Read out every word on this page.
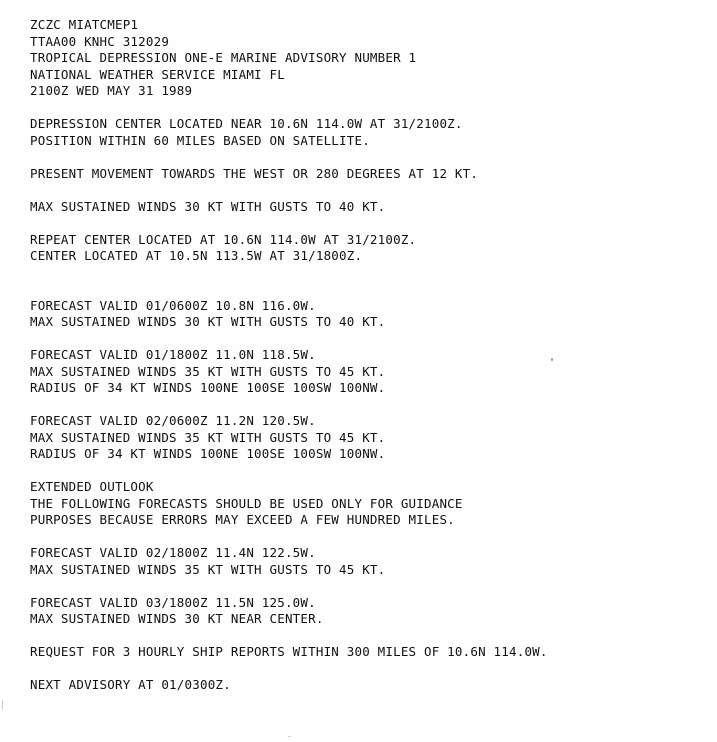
ZCZC MIATCMEP1
TTAA00 KNHC 312029
TROPICAL DEPRESSION ONE-E MARINE ADVISORY NUMBER 1
NATIONAL WEATHER SERVICE MIAMI FL
2100Z WED MAY 31 1989
DEPRESSION CENTER LOCATED NEAR 10.6N 114.0W AT 31/2100Z.
POSITION WITHIN 60 MILES BASED ON SATELLITE.
PRESENT MOVEMENT TOWARDS THE WEST OR 280 DEGREES AT 12 KT.
MAX SUSTAINED WINDS 30 KT WITH GUSTS TO 40 KT.
REPEAT CENTER LOCATED AT 10.6N 114.0W AT 31/2100Z.
CENTER LOCATED AT 10.5N 113.5W AT 31/1800Z.
FORECAST VALID 01/0600Z 10.8N 116.0W.
MAX SUSTAINED WINDS 30 KT WITH GUSTS TO 40 KT.
FORECAST VALID 01/1800Z 11.0N 118.5W.
MAX SUSTAINED WINDS 35 KT WITH GUSTS TO 45 KT.
RADIUS OF 34 KT WINDS 100NE 100SE 100SW 100NW.
FORECAST VALID 02/0600Z 11.2N 120.5W.
MAX SUSTAINED WINDS 35 KT WITH GUSTS TO 45 KT.
RADIUS OF 34 KT WINDS 100NE 100SE 100SW 100NW.
EXTENDED OUTLOOK
THE FOLLOWING FORECASTS SHOULD BE USED ONLY FOR GUIDANCE
PURPOSES BECAUSE ERRORS MAY EXCEED A FEW HUNDRED MILES.
FORECAST VALID 02/1800Z 11.4N 122.5W.
MAX SUSTAINED WINDS 35 KT WITH GUSTS TO 45 KT.
FORECAST VALID 03/1800Z 11.5N 125.0W.
MAX SUSTAINED WINDS 30 KT NEAR CENTER.
REQUEST FOR 3 HOURLY SHIP REPORTS WITHIN 300 MILES OF 10.6N 114.0W.
NEXT ADVISORY AT 01/0300Z.
